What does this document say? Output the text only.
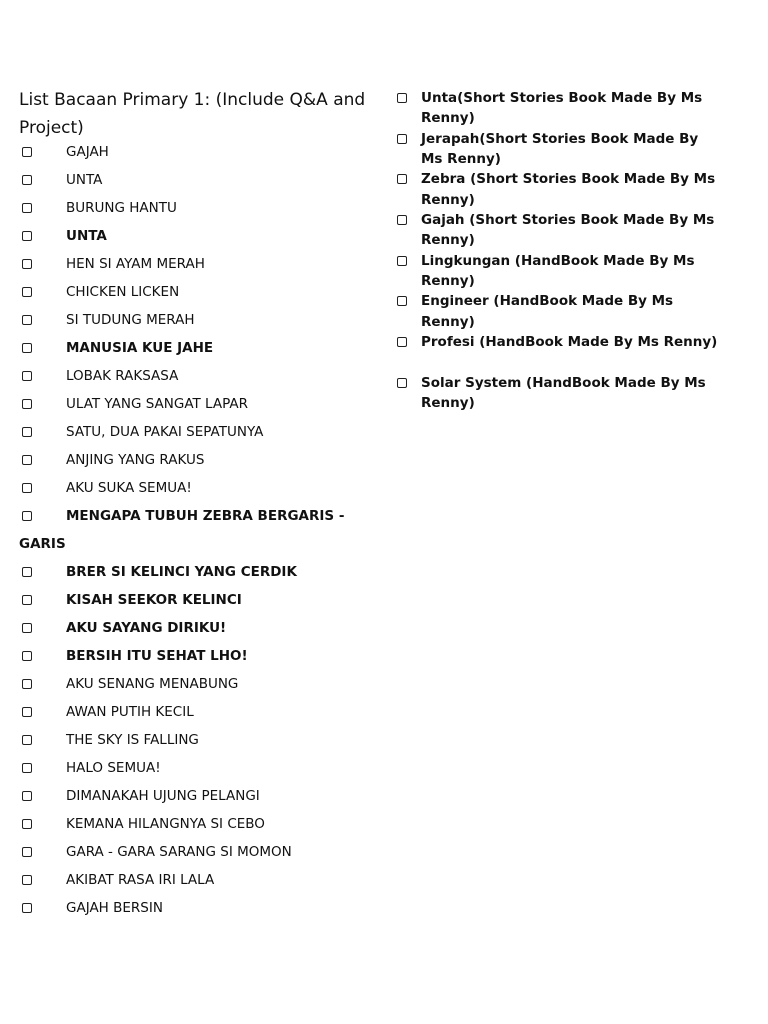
List Bacaan Primary 1: (Include Q&A and Project)
GAJAH
UNTA
BURUNG HANTU
UNTA
HEN SI AYAM MERAH
CHICKEN LICKEN
SI TUDUNG MERAH
MANUSIA KUE JAHE
LOBAK RAKSASA
ULAT YANG SANGAT LAPAR
SATU, DUA PAKAI SEPATUNYA
ANJING YANG RAKUS
AKU SUKA SEMUA!
MENGAPA TUBUH ZEBRA BERGARIS -
GARIS
BRER SI KELINCI YANG CERDIK
KISAH SEEKOR KELINCI
AKU SAYANG DIRIKU!
BERSIH ITU SEHAT LHO!
AKU SENANG MENABUNG
AWAN PUTIH KECIL
THE SKY IS FALLING
HALO SEMUA!
DIMANAKAH UJUNG PELANGI
KEMANA HILANGNYA SI CEBO
GARA - GARA SARANG SI MOMON
AKIBAT RASA IRI LALA
GAJAH BERSIN
Unta(Short Stories Book Made By Ms Renny)
Jerapah(Short Stories Book Made By Ms Renny)
Zebra (Short Stories Book Made By Ms Renny)
Gajah (Short Stories Book Made By Ms Renny)
Lingkungan (HandBook Made By Ms Renny)
Engineer (HandBook Made By Ms Renny)
Profesi (HandBook Made By Ms Renny)
Solar System (HandBook Made By Ms Renny)
